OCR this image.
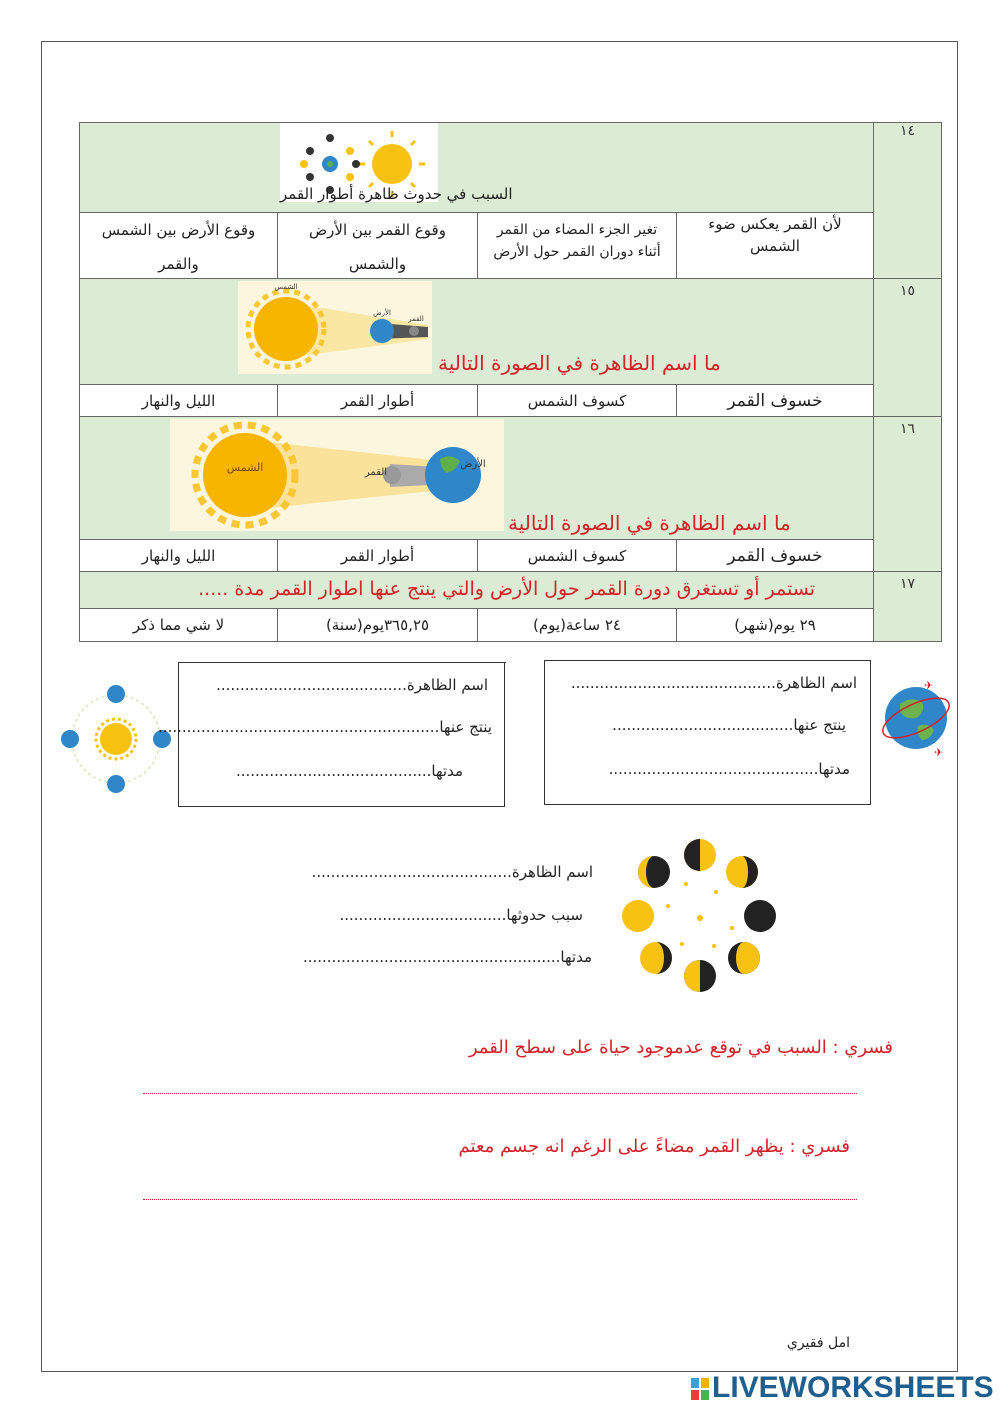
السبب في حدوث ظاهرة أطوار القمر
١٤
لأن القمر يعكس ضوء الشمس
تغير الجزء المضاء من القمر أثناء دوران القمر حول الأرض
وقوع القمر بين الأرض والشمس
وقوع الأرض بين الشمس والقمر
الشمس
الأرض
القمر
ما اسم الظاهرة في الصورة التالية
١٥
خسوف القمر
كسوف الشمس
أطوار القمر
الليل والنهار
الشمس	القمر
الأرض
ما اسم الظاهرة في الصورة التالية
١٦
خسوف القمر
كسوف الشمس
أطوار القمر
الليل والنهار
تستمر أو تستغرق دورة القمر حول الأرض والتي ينتج عنها اطوار القمر مدة .....	١٧
٢٩ يوم(شهر)
٢٤ ساعة(يوم)
٣٦٥,٢٥يوم(سنة)
لا شي مما ذكر
اسم الظاهرة........................................
ينتج عنها...........................................................
مدتها.........................................
اسم الظاهرة...........................................
ينتج عنها......................................
مدتها............................................
✈
✈
اسم الظاهرة..........................................
سبب حدوثها...................................
مدتها......................................................
فسري : السبب في توقع عدموجود حياة على سطح القمر
فسري : يظهر القمر مضاءً على الرغم انه جسم معتم
امل فقيري
LIVEWORKSHEETS
